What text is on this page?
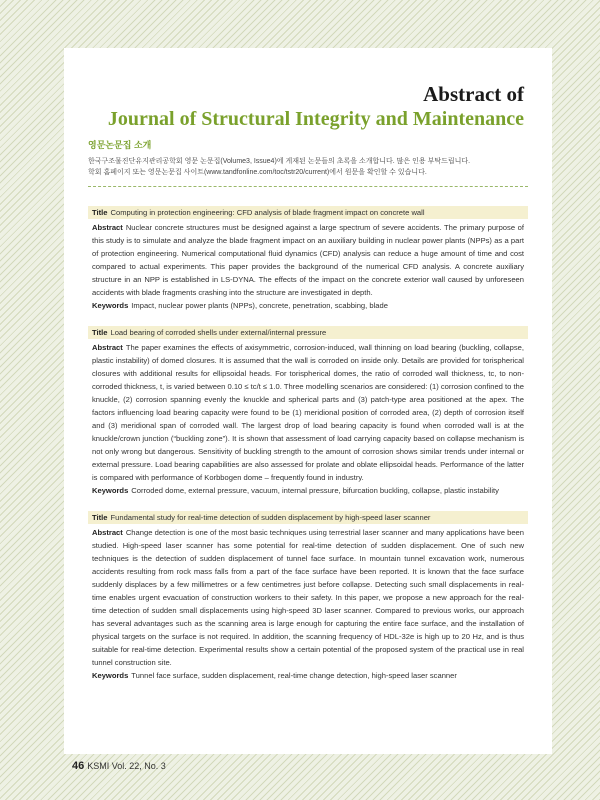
Abstract of
Journal of Structural Integrity and Maintenance
영문논문집 소개
한국구조물진단유지관리공학회 영문 논문집(Volume3, Issue4)에 게재된 논문들의 초록을 소개합니다. 많은 인용 부탁드립니다.
학회 홈페이지 또는 영문논문집 사이트(www.tandfonline.com/toc/tstr20/current)에서 원문을 확인할 수 있습니다.
Title Computing in protection engineering: CFD analysis of blade fragment impact on concrete wall
Abstract Nuclear concrete structures must be designed against a large spectrum of severe accidents. The primary purpose of this study is to simulate and analyze the blade fragment impact on an auxiliary building in nuclear power plants (NPPs) as a part of protection engineering. Numerical computational fluid dynamics (CFD) analysis can reduce a huge amount of time and cost compared to actual experiments. This paper provides the background of the numerical CFD analysis. A concrete auxiliary structure in an NPP is established in LS-DYNA. The effects of the impact on the concrete exterior wall caused by unforeseen accidents with blade fragments crashing into the structure are investigated in depth.
Keywords Impact, nuclear power plants (NPPs), concrete, penetration, scabbing, blade
Title Load bearing of corroded shells under external/internal pressure
Abstract The paper examines the effects of axisymmetric, corrosion-induced, wall thinning on load bearing (buckling, collapse, plastic instability) of domed closures. It is assumed that the wall is corroded on inside only. Details are provided for torispherical closures with additional results for ellipsoidal heads. For torispherical domes, the ratio of corroded wall thickness, tc, to non-corroded thickness, t, is varied between 0.10 ≤ tc/t ≤ 1.0. Three modelling scenarios are considered: (1) corrosion confined to the knuckle, (2) corrosion spanning evenly the knuckle and spherical parts and (3) patch-type area positioned at the apex. The factors influencing load bearing capacity were found to be (1) meridional position of corroded area, (2) depth of corrosion itself and (3) meridional span of corroded wall. The largest drop of load bearing capacity is found when corroded wall is at the knuckle/crown junction (“buckling zone”). It is shown that assessment of load carrying capacity based on collapse mechanism is not only wrong but dangerous. Sensitivity of buckling strength to the amount of corrosion shows similar trends under internal or external pressure. Load bearing capabilities are also assessed for prolate and oblate ellipsoidal heads. Performance of the latter is compared with performance of Korbbogen dome – frequently found in industry.
Keywords Corroded dome, external pressure, vacuum, internal pressure, bifurcation buckling, collapse, plastic instability
Title Fundamental study for real-time detection of sudden displacement by high-speed laser scanner
Abstract Change detection is one of the most basic techniques using terrestrial laser scanner and many applications have been studied. High-speed laser scanner has some potential for real-time detection of sudden displacement. One of such new techniques is the detection of sudden displacement of tunnel face surface. In mountain tunnel excavation work, numerous accidents resulting from rock mass falls from a part of the face surface have been reported. It is known that the face surface suddenly displaces by a few millimetres or a few centimetres just before collapse. Detecting such small displacements in real-time enables urgent evacuation of construction workers to their safety. In this paper, we propose a new approach for the real-time detection of sudden small displacements using high-speed 3D laser scanner. Compared to previous works, our approach has several advantages such as the scanning area is large enough for capturing the entire face surface, and the installation of physical targets on the surface is not required. In addition, the scanning frequency of HDL-32e is high up to 20 Hz, and is thus suitable for real-time detection. Experimental results show a certain potential of the proposed system of the practical use in real tunnel construction site.
Keywords Tunnel face surface, sudden displacement, real-time change detection, high-speed laser scanner
46 KSMI Vol. 22, No. 3
